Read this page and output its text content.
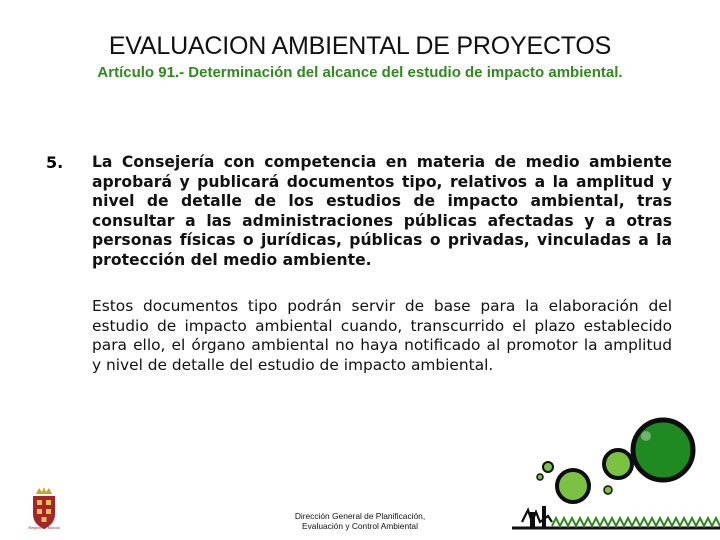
EVALUACION AMBIENTAL DE PROYECTOS
Artículo 91.- Determinación del alcance del estudio de impacto ambiental.
5. La Consejería con competencia en materia de medio ambiente aprobará y publicará documentos tipo, relativos a la amplitud y nivel de detalle de los estudios de impacto ambiental, tras consultar a las administraciones públicas afectadas y a otras personas físicas o jurídicas, públicas o privadas, vinculadas a la protección del medio ambiente.
Estos documentos tipo podrán servir de base para la elaboración del estudio de impacto ambiental cuando, transcurrido el plazo establecido para ello, el órgano ambiental no haya notificado al promotor la amplitud y nivel de detalle del estudio de impacto ambiental.
Región de Murcia
Dirección General de Planificación,
Evaluación y Control Ambiental
